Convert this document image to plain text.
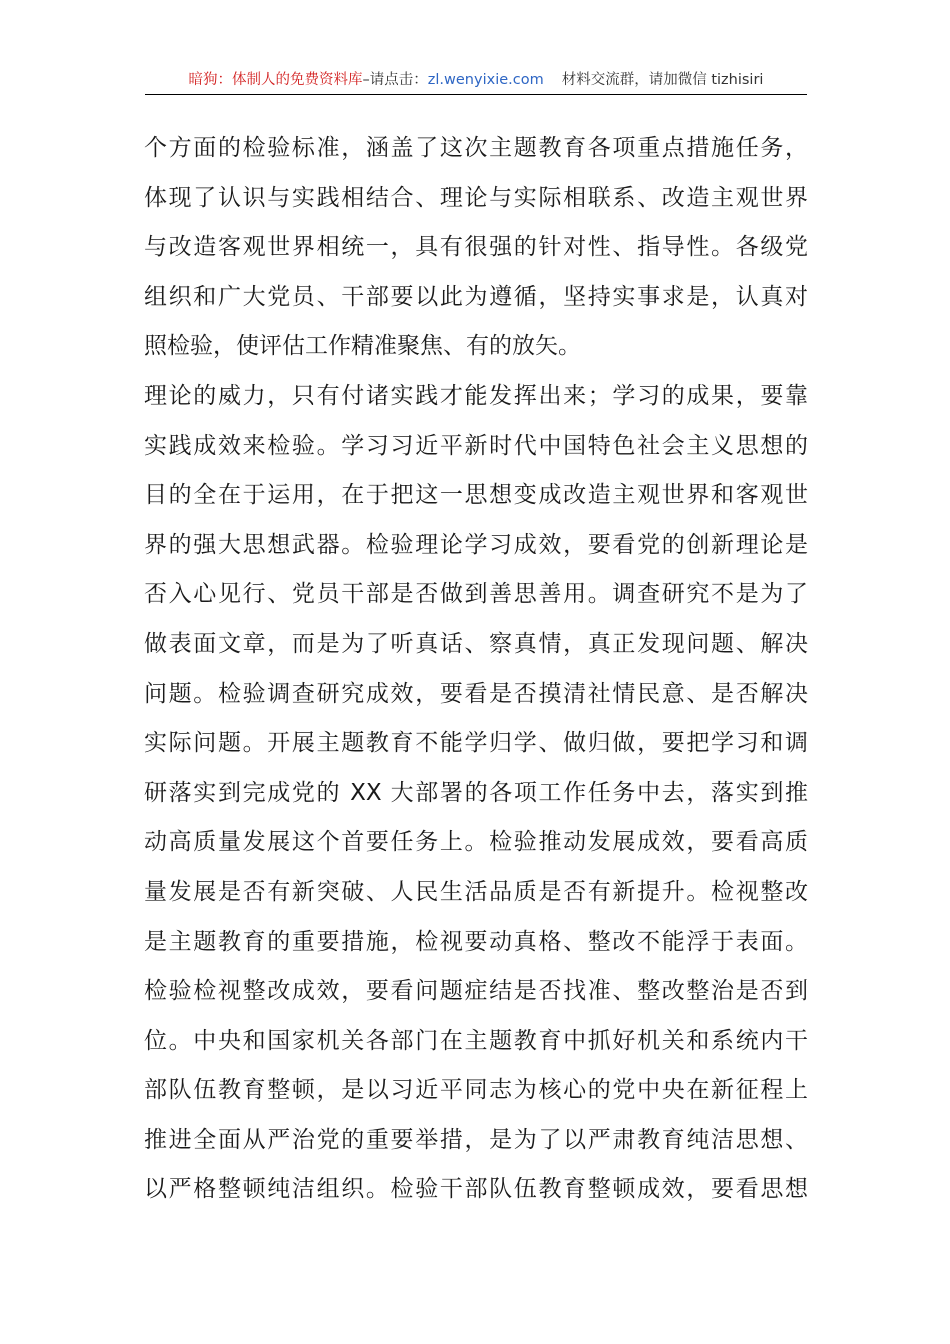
暗狗：体制人的免费资料库–请点击：zl.wenyixie.com 材料交流群，请加微信 tizhisiri
个方面的检验标准，涵盖了这次主题教育各项重点措施任务，
体现了认识与实践相结合、理论与实际相联系、改造主观世界
与改造客观世界相统一，具有很强的针对性、指导性。各级党
组织和广大党员、干部要以此为遵循，坚持实事求是，认真对
照检验，使评估工作精准聚焦、有的放矢。
理论的威力，只有付诸实践才能发挥出来；学习的成果，要靠
实践成效来检验。学习习近平新时代中国特色社会主义思想的
目的全在于运用，在于把这一思想变成改造主观世界和客观世
界的强大思想武器。检验理论学习成效，要看党的创新理论是
否入心见行、党员干部是否做到善思善用。调查研究不是为了
做表面文章，而是为了听真话、察真情，真正发现问题、解决
问题。检验调查研究成效，要看是否摸清社情民意、是否解决
实际问题。开展主题教育不能学归学、做归做，要把学习和调
研落实到完成党的 XX 大部署的各项工作任务中去，落实到推
动高质量发展这个首要任务上。检验推动发展成效，要看高质
量发展是否有新突破、人民生活品质是否有新提升。检视整改
是主题教育的重要措施，检视要动真格、整改不能浮于表面。
检验检视整改成效，要看问题症结是否找准、整改整治是否到
位。中央和国家机关各部门在主题教育中抓好机关和系统内干
部队伍教育整顿，是以习近平同志为核心的党中央在新征程上
推进全面从严治党的重要举措，是为了以严肃教育纯洁思想、
以严格整顿纯洁组织。检验干部队伍教育整顿成效，要看思想
